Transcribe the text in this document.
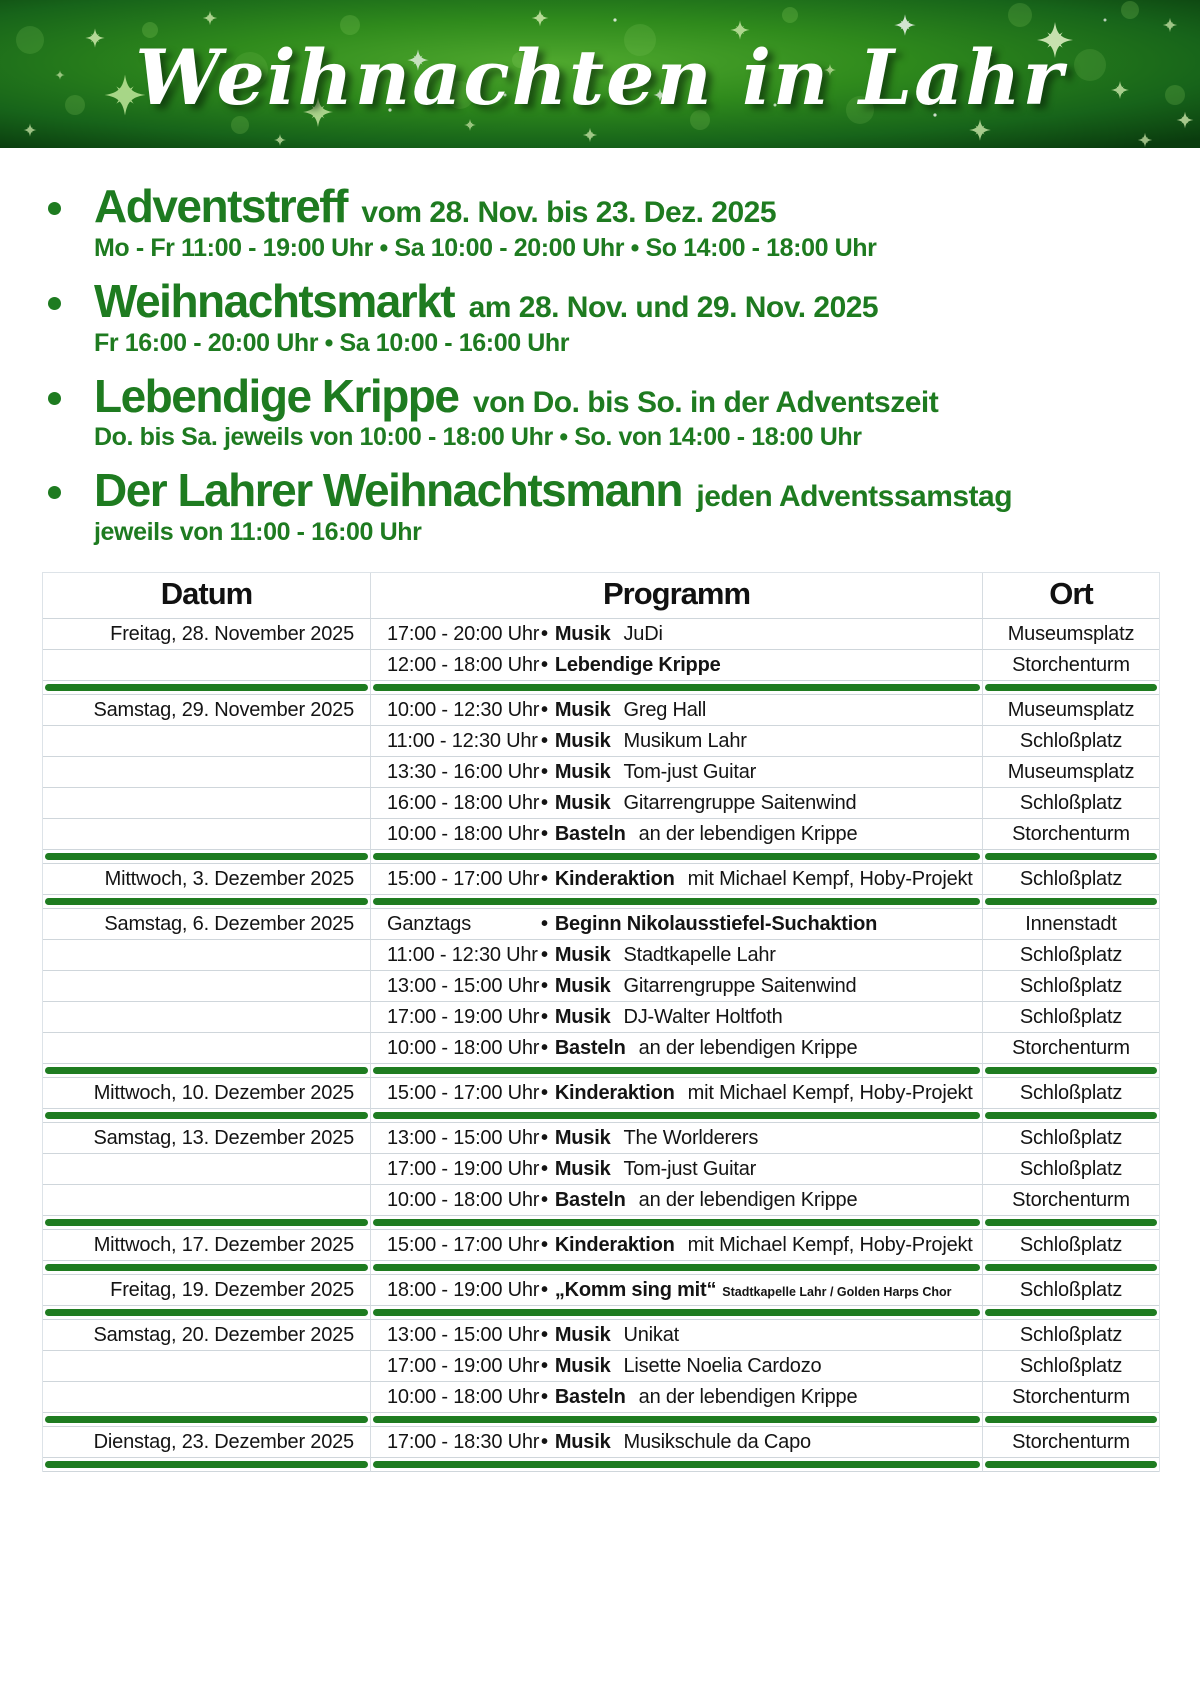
Weihnachten in Lahr
Adventstreff vom 28. Nov. bis 23. Dez. 2025
Mo - Fr 11:00 - 19:00 Uhr • Sa 10:00 - 20:00 Uhr • So 14:00 - 18:00 Uhr
Weihnachtsmarkt am 28. Nov. und 29. Nov. 2025
Fr 16:00 - 20:00 Uhr • Sa 10:00 - 16:00 Uhr
Lebendige Krippe von Do. bis So. in der Adventszeit
Do. bis Sa. jeweils von 10:00 - 18:00 Uhr • So. von 14:00 - 18:00 Uhr
Der Lahrer Weihnachtsmann jeden Adventssamstag
jeweils von 11:00 - 16:00 Uhr
Datum	Programm	Ort
Freitag, 28. November 2025	17:00 - 20:00 Uhr• Musik JuDi	Museumsplatz
	12:00 - 18:00 Uhr• Lebendige Krippe	Storchenturm

Samstag, 29. November 2025	10:00 - 12:30 Uhr• Musik Greg Hall	Museumsplatz
	11:00 - 12:30 Uhr • Musik Musikum Lahr	Schloßplatz
	13:30 - 16:00 Uhr• Musik Tom-just Guitar	Museumsplatz
	16:00 - 18:00 Uhr• Musik Gitarrengruppe Saitenwind	Schloßplatz
	10:00 - 18:00 Uhr• Basteln an der lebendigen Krippe	Storchenturm

Mittwoch, 3. Dezember 2025	15:00 - 17:00 Uhr• Kinderaktion mit Michael Kempf, Hoby-Projekt	Schloßplatz

Samstag, 6. Dezember 2025	Ganztags • Beginn Nikolausstiefel-Suchaktion	Innenstadt
	11:00 - 12:30 Uhr • Musik Stadtkapelle Lahr	Schloßplatz
	13:00 - 15:00 Uhr• Musik Gitarrengruppe Saitenwind	Schloßplatz
	17:00 - 19:00 Uhr• Musik DJ-Walter Holtfoth	Schloßplatz
	10:00 - 18:00 Uhr• Basteln an der lebendigen Krippe	Storchenturm

Mittwoch, 10. Dezember 2025	15:00 - 17:00 Uhr• Kinderaktion mit Michael Kempf, Hoby-Projekt	Schloßplatz

Samstag, 13. Dezember 2025	13:00 - 15:00 Uhr• Musik The Worlderers	Schloßplatz
	17:00 - 19:00 Uhr• Musik Tom-just Guitar	Schloßplatz
	10:00 - 18:00 Uhr• Basteln an der lebendigen Krippe	Storchenturm

Mittwoch, 17. Dezember 2025	15:00 - 17:00 Uhr• Kinderaktion mit Michael Kempf, Hoby-Projekt	Schloßplatz

Freitag, 19. Dezember 2025	18:00 - 19:00 Uhr• „Komm sing mit“ Stadtkapelle Lahr / Golden Harps Chor	Schloßplatz

Samstag, 20. Dezember 2025	13:00 - 15:00 Uhr• Musik Unikat	Schloßplatz
	17:00 - 19:00 Uhr• Musik Lisette Noelia Cardozo	Schloßplatz
	10:00 - 18:00 Uhr• Basteln an der lebendigen Krippe	Storchenturm

Dienstag, 23. Dezember 2025	17:00 - 18:30 Uhr• Musik Musikschule da Capo	Storchenturm
